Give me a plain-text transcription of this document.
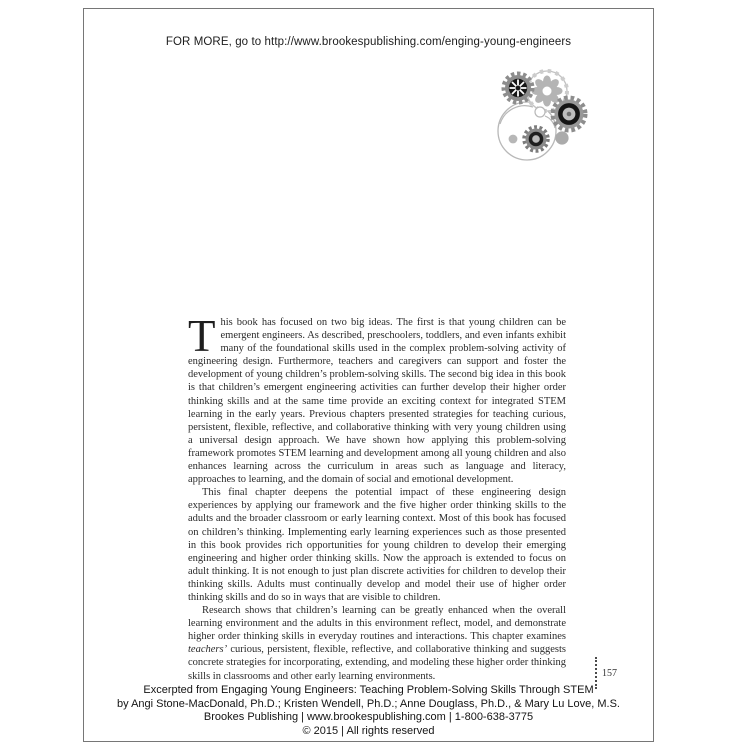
FOR MORE, go to http://www.brookespublishing.com/enging-young-engineers

This book has focused on two big ideas. The first is that young children can be emergent engineers. As described, preschoolers, toddlers, and even infants exhibit many of the foundational skills used in the complex problem-solving activity of engineering design. Furthermore, teachers and caregivers can support and foster the development of young children’s problem-solving skills. The second big idea in this book is that children’s emergent engineering activities can further develop their higher order thinking skills and at the same time provide an exciting context for integrated STEM learning in the early years. Previous chapters presented strategies for teaching curious, persistent, flexible, reflective, and collaborative thinking with very young children using a universal design approach. We have shown how applying this problem-solving framework promotes STEM learning and development among all young children and also enhances learning across the curriculum in areas such as language and literacy, approaches to learning, and the domain of social and emotional development.

This final chapter deepens the potential impact of these engineering design experiences by applying our framework and the five higher order thinking skills to the adults and the broader classroom or early learning context. Most of this book has focused on children’s thinking. Implementing early learning experiences such as those presented in this book provides rich opportunities for young children to develop their emerging engineering and higher order thinking skills. Now the approach is extended to focus on adult thinking. It is not enough to just plan discrete activities for children to develop their thinking skills. Adults must continually develop and model their use of higher order thinking skills and do so in ways that are visible to children.

Research shows that children’s learning can be greatly enhanced when the overall learning environment and the adults in this environment reflect, model, and demonstrate higher order thinking skills in everyday routines and interactions. This chapter examines teachers’ curious, persistent, flexible, reflective, and collaborative thinking and suggests concrete strategies for incorporating, extending, and modeling these higher order thinking skills in classrooms and other early learning environments.	157
Excerpted from Engaging Young Engineers: Teaching Problem-Solving Skills Through STEM
by Angi Stone-MacDonald, Ph.D.; Kristen Wendell, Ph.D.; Anne Douglass, Ph.D., & Mary Lu Love, M.S.
Brookes Publishing | www.brookespublishing.com | 1-800-638-3775
© 2015 | All rights reserved
